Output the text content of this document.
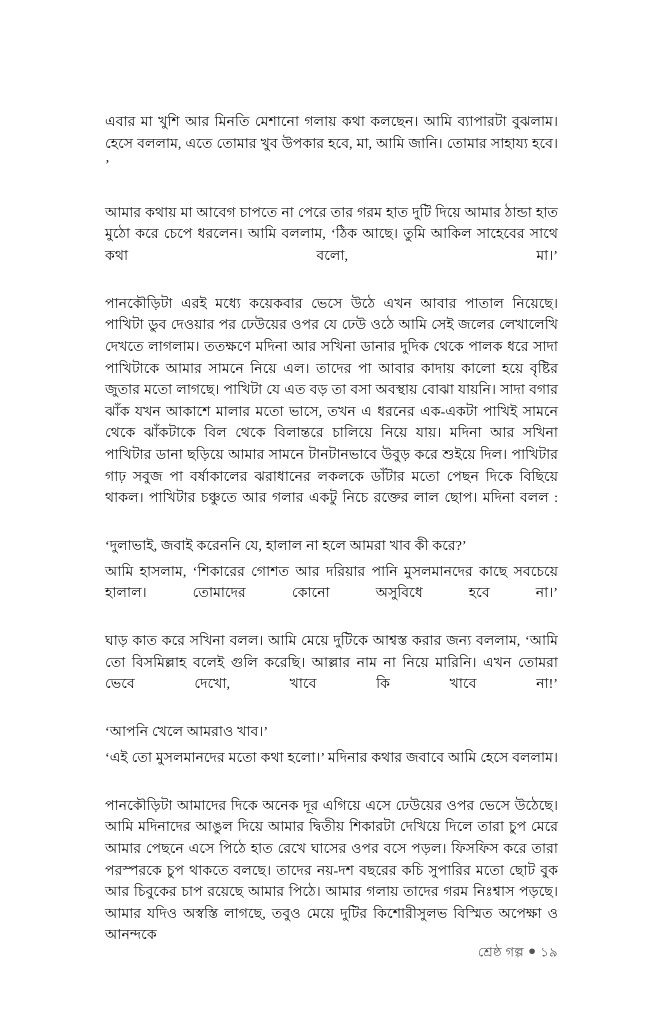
এবার মা খুশি আর মিনতি মেশানো গলায় কথা কলছেন। আমি ব্যাপারটা বুঝলাম। হেসে বললাম, এতে তোমার খুব উপকার হবে, মা, আমি জানি। তোমার সাহায্য হবে। ’

আমার কথায় মা আবেগ চাপতে না পেরে তার গরম হাত দুটি দিয়ে আমার ঠান্ডা হাত মুঠো করে চেপে ধরলেন। আমি বললাম, ‘ঠিক আছে। তুমি আকিল সাহেবের সাথে কথা বলো, মা।’

পানকৌড়িটা এরই মধ্যে কয়েকবার ভেসে উঠে এখন আবার পাতাল নিয়েছে। পাখিটা ডুব দেওয়ার পর ঢেউয়ের ওপর যে ঢেউ ওঠে আমি সেই জলের লেখালেখি দেখতে লাগলাম। ততক্ষণে মদিনা আর সখিনা ডানার দুদিক থেকে পালক ধরে সাদা পাখিটাকে আমার সামনে নিয়ে এল। তাদের পা আবার কাদায় কালো হয়ে বৃষ্টির জুতার মতো লাগছে। পাখিটা যে এত বড় তা বসা অবস্থায় বোঝা যায়নি। সাদা বগার ঝাঁক যখন আকাশে মালার মতো ভাসে, তখন এ ধরনের এক-একটা পাখিই সামনে থেকে ঝাঁকটাকে বিল থেকে বিলান্তরে চালিয়ে নিয়ে যায়। মদিনা আর সখিনা পাখিটার ডানা ছড়িয়ে আমার সামনে টানটানভাবে উবুড় করে শুইয়ে দিল। পাখিটার গাঢ় সবুজ পা বর্ষাকালের ঝরাধানের লকলকে ডাঁটার মতো পেছন দিকে বিছিয়ে থাকল। পাখিটার চঞ্চুতে আর গলার একটু নিচে রক্তের লাল ছোপ। মদিনা বলল :

‘দুলাভাই, জবাই করেননি যে, হালাল না হলে আমরা খাব কী করে?’

আমি হাসলাম, ‘শিকারের গোশত আর দরিয়ার পানি মুসলমানদের কাছে সবচেয়ে হালাল। তোমাদের কোনো অসুবিধে হবে না।’

ঘাড় কাত করে সখিনা বলল। আমি মেয়ে দুটিকে আশ্বস্ত করার জন্য বললাম, ‘আমি তো বিসমিল্লাহ বলেই গুলি করেছি। আল্লার নাম না নিয়ে মারিনি। এখন তোমরা ভেবে দেখো, খাবে কি খাবে না!’

‘আপনি খেলে আমরাও খাব।’

‘এই তো মুসলমানদের মতো কথা হলো।’ মদিনার কথার জবাবে আমি হেসে বললাম।

পানকৌড়িটা আমাদের দিকে অনেক দূর এগিয়ে এসে ঢেউয়ের ওপর ভেসে উঠেছে। আমি মদিনাদের আঙুল দিয়ে আমার দ্বিতীয় শিকারটা দেখিয়ে দিলে তারা চুপ মেরে আমার পেছনে এসে পিঠে হাত রেখে ঘাসের ওপর বসে পড়ল। ফিসফিস করে তারা পরস্পরকে চুপ থাকতে বলছে। তাদের নয়-দশ বছরের কচি সুপারির মতো ছোট বুক আর চিবুকের চাপ রয়েছে আমার পিঠে। আমার গলায় তাদের গরম নিঃশ্বাস পড়ছে। আমার যদিও অস্বস্তি লাগছে, তবুও মেয়ে দুটির কিশোরীসুলভ বিস্মিত অপেক্ষা ও আনন্দকে

শ্রেষ্ঠ গল্প ● ১৯
